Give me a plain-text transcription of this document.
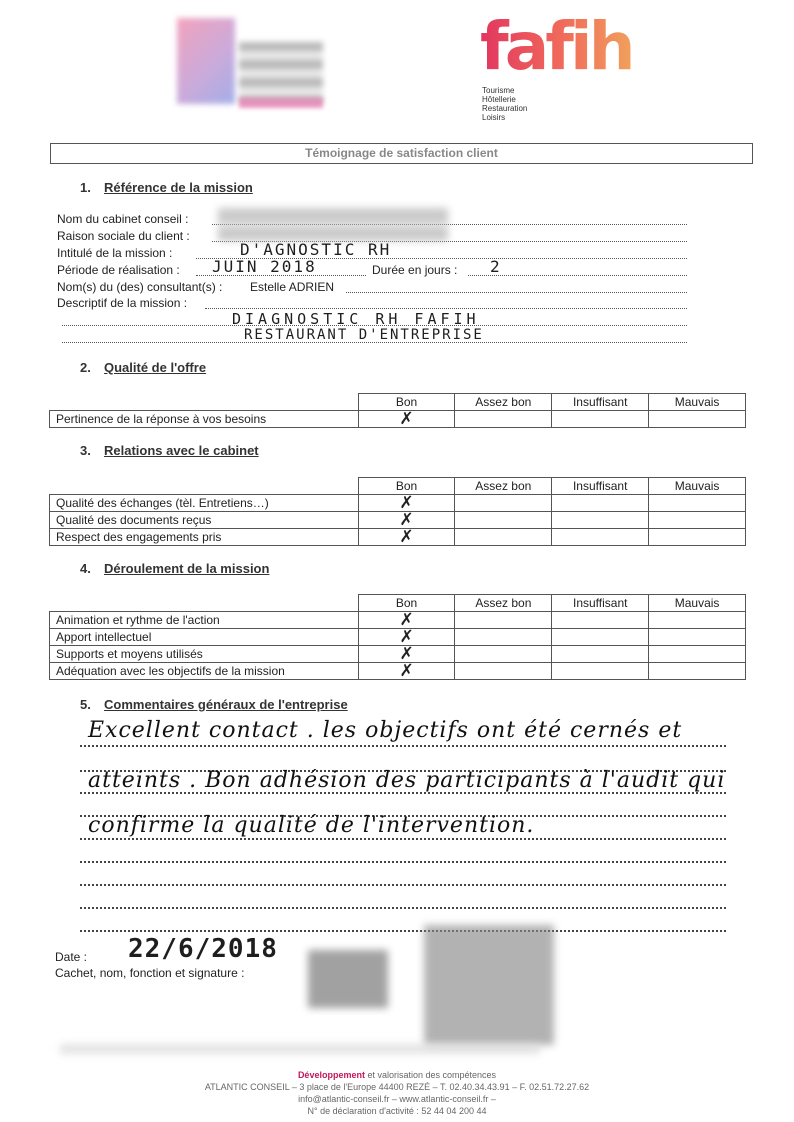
fafih
Tourisme
Hôtellerie
Restauration
Loisirs
Témoignage de satisfaction client
1. Référence de la mission
Nom du cabinet conseil :
Raison sociale du client :
Intitulé de la mission :	D'AGNOSTIC RH
Période de réalisation : JUIN 2018	Durée en jours : 2
Nom(s) du (des) consultant(s) : Estelle ADRIEN
Descriptif de la mission :
DIAGNOSTIC RH FAFIH
RESTAURANT D'ENTREPRISE
2. Qualité de l'offre
	Bon	Assez bon	Insuffisant	Mauvais
Pertinence de la réponse à vos besoins	✗			
3. Relations avec le cabinet
	Bon	Assez bon	Insuffisant	Mauvais
Qualité des échanges (tèl. Entretiens…)	✗			
Qualité des documents reçus	✗			
Respect des engagements pris	✗			
4. Déroulement de la mission
	Bon	Assez bon	Insuffisant	Mauvais
Animation et rythme de l'action	✗			
Apport intellectuel	✗			
Supports et moyens utilisés	✗			
Adéquation avec les objectifs de la mission	✗			
5. Commentaires généraux de l'entreprise
Excellent contact . les objectifs ont été cernés et
atteints . Bon adhésion des participants à l'audit qui
confirme la qualité de l'intervention.
Date : 22/6/2018
Cachet, nom, fonction et signature :
Développement et valorisation des compétences
ATLANTIC CONSEIL – 3 place de l'Europe 44400 REZÉ – T. 02.40.34.43.91 – F. 02.51.72.27.62
info@atlantic-conseil.fr – www.atlantic-conseil.fr –
N° de déclaration d'activité : 52 44 04 200 44
